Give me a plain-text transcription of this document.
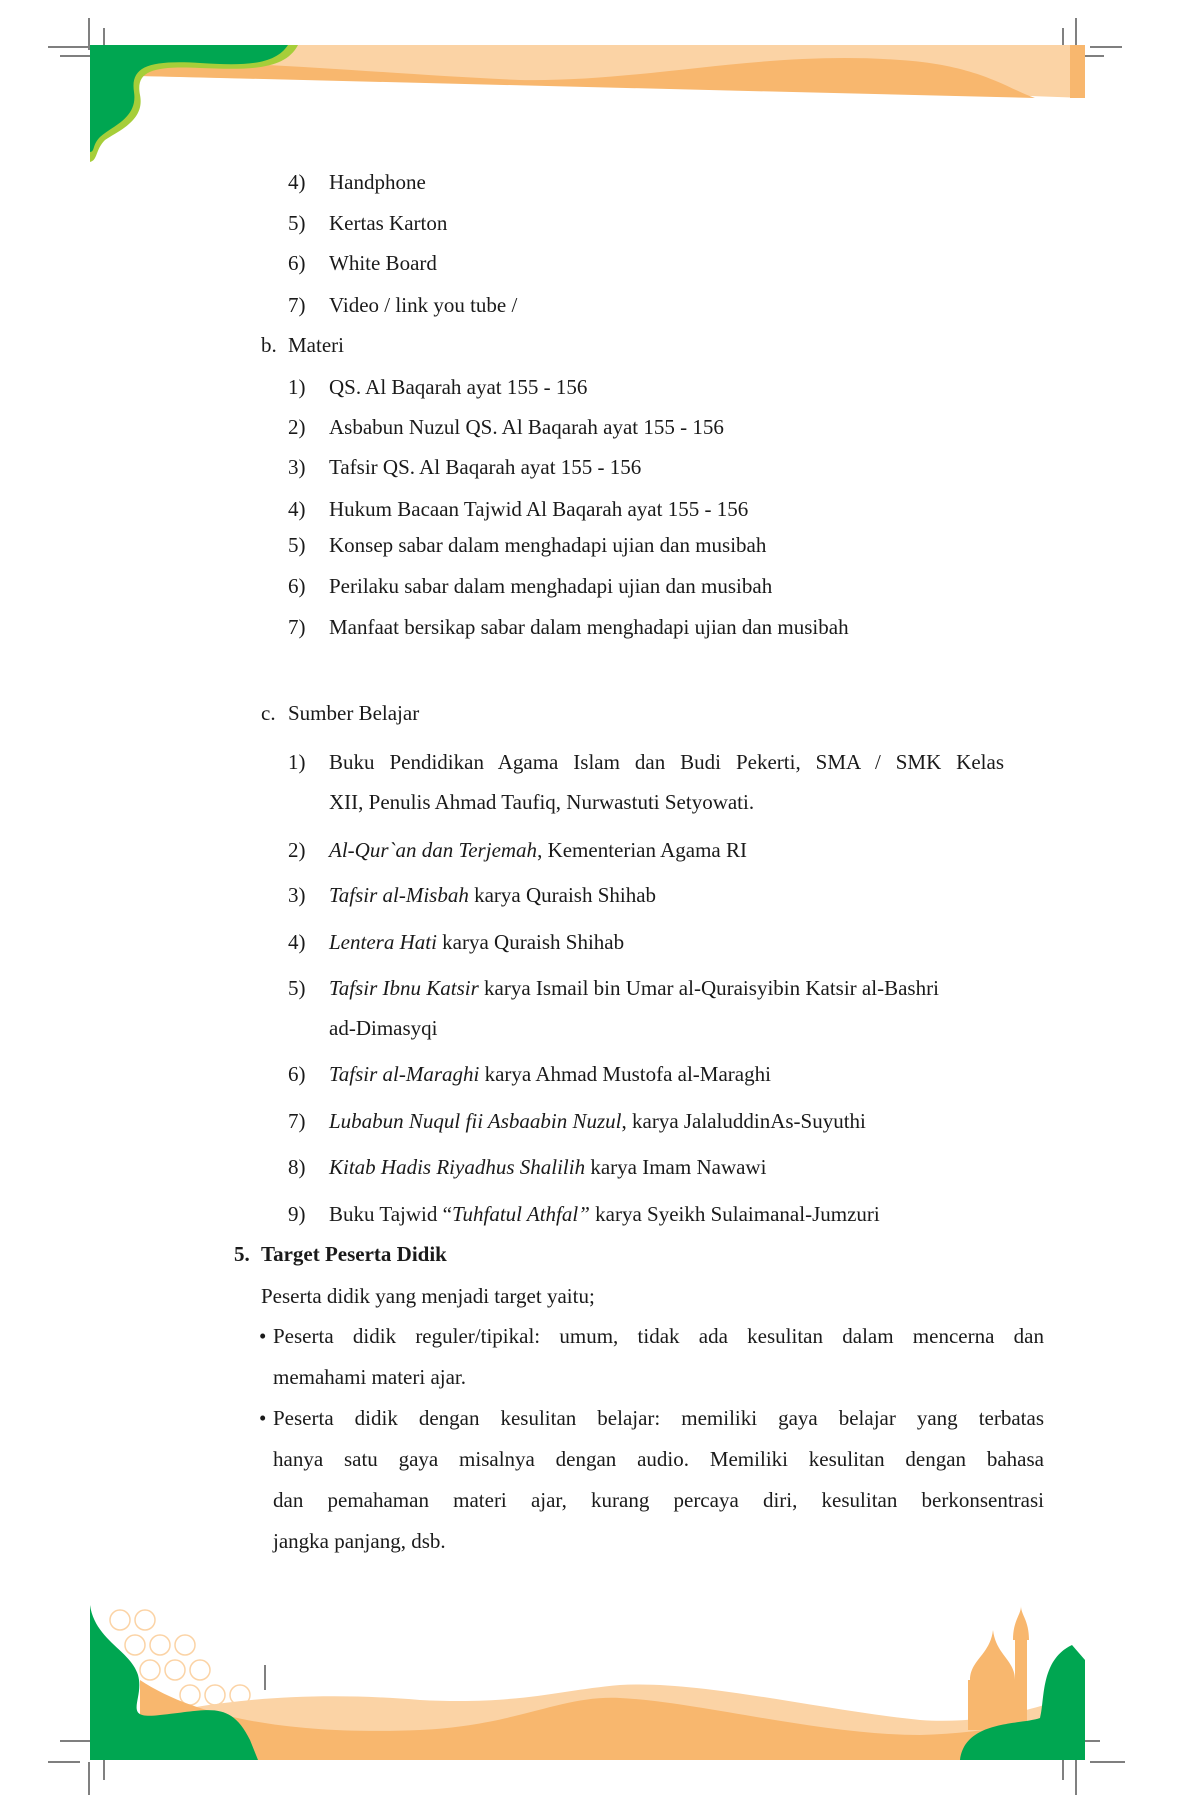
4) Handphone
5) Kertas Karton
6) White Board
7) Video / link you tube /
b. Materi
1) QS. Al Baqarah ayat 155 - 156
2) Asbabun Nuzul QS. Al Baqarah ayat 155 - 156
3) Tafsir QS. Al Baqarah ayat 155 - 156
4) Hukum Bacaan Tajwid Al Baqarah ayat 155 - 156
5) Konsep sabar dalam menghadapi ujian dan musibah
6) Perilaku sabar dalam menghadapi ujian dan musibah
7) Manfaat bersikap sabar dalam menghadapi ujian dan musibah
c. Sumber Belajar
1) Buku Pendidikan Agama Islam dan Budi Pekerti, SMA / SMK Kelas
XII, Penulis Ahmad Taufiq, Nurwastuti Setyowati.
2) Al-Qur`an dan Terjemah, Kementerian Agama RI
3) Tafsir al-Misbah karya Quraish Shihab
4) Lentera Hati karya Quraish Shihab
5) Tafsir Ibnu Katsir karya Ismail bin Umar al-Quraisyibin Katsir al-Bashri
ad-Dimasyqi
6) Tafsir al-Maraghi karya Ahmad Mustofa al-Maraghi
7) Lubabun Nuqul fii Asbaabin Nuzul, karya JalaluddinAs-Suyuthi
8) Kitab Hadis Riyadhus Shalilih karya Imam Nawawi
9) Buku Tajwid “Tuhfatul Athfal” karya Syeikh Sulaimanal-Jumzuri
5. Target Peserta Didik
Peserta didik yang menjadi target yaitu;
• Peserta didik reguler/tipikal: umum, tidak ada kesulitan dalam mencerna dan
memahami materi ajar.
• Peserta didik dengan kesulitan belajar: memiliki gaya belajar yang terbatas
hanya satu gaya misalnya dengan audio. Memiliki kesulitan dengan bahasa
dan pemahaman materi ajar, kurang percaya diri, kesulitan berkonsentrasi
jangka panjang, dsb.
